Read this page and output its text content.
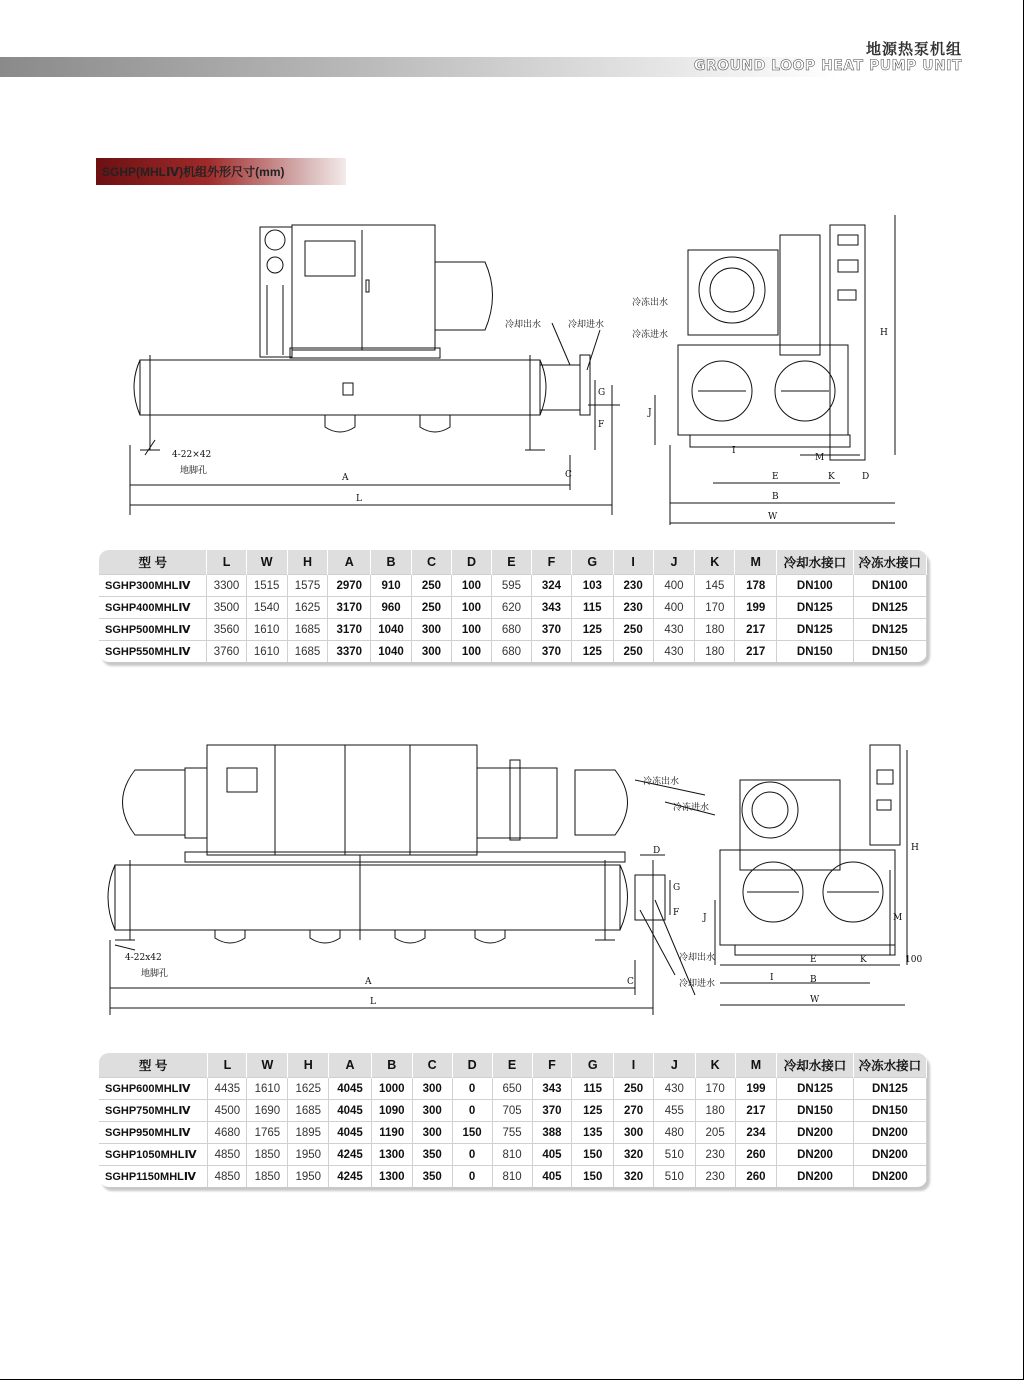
地源热泵机组
GROUND LOOP HEAT PUMP UNIT
SGHP(MHLⅣ)机组外形尺寸(mm)
冷却出水	冷却进水
冷冻出水
冷冻进水
4-22×42
地脚孔
A	C
L
G
F
H
J
I
M
E	K	D
B
W
型 号	L	W	H	A	B	C	D	E	F	G	I	J	K	M	冷却水接口	冷冻水接口
SGHP300MHLⅣ	3300	1515	1575	2970	910	250	100	595	324	103	230	400	145	178	DN100	DN100
SGHP400MHLⅣ	3500	1540	1625	3170	960	250	100	620	343	115	230	400	170	199	DN125	DN125
SGHP500MHLⅣ	3560	1610	1685	3170	1040	300	100	680	370	125	250	430	180	217	DN125	DN125
SGHP550MHLⅣ	3760	1610	1685	3370	1040	300	100	680	370	125	250	430	180	217	DN150	DN150
冷冻出水
冷冻进水
冷却出水
冷却进水
4-22x42
地脚孔
D
G
F
A	C
L
H
J	M
I
E	K
B
W
100
型 号	L	W	H	A	B	C	D	E	F	G	I	J	K	M	冷却水接口	冷冻水接口
SGHP600MHLⅣ	4435	1610	1625	4045	1000	300	0	650	343	115	250	430	170	199	DN125	DN125
SGHP750MHLⅣ	4500	1690	1685	4045	1090	300	0	705	370	125	270	455	180	217	DN150	DN150
SGHP950MHLⅣ	4680	1765	1895	4045	1190	300	150	755	388	135	300	480	205	234	DN200	DN200
SGHP1050MHLⅣ	4850	1850	1950	4245	1300	350	0	810	405	150	320	510	230	260	DN200	DN200
SGHP1150MHLⅣ	4850	1850	1950	4245	1300	350	0	810	405	150	320	510	230	260	DN200	DN200
